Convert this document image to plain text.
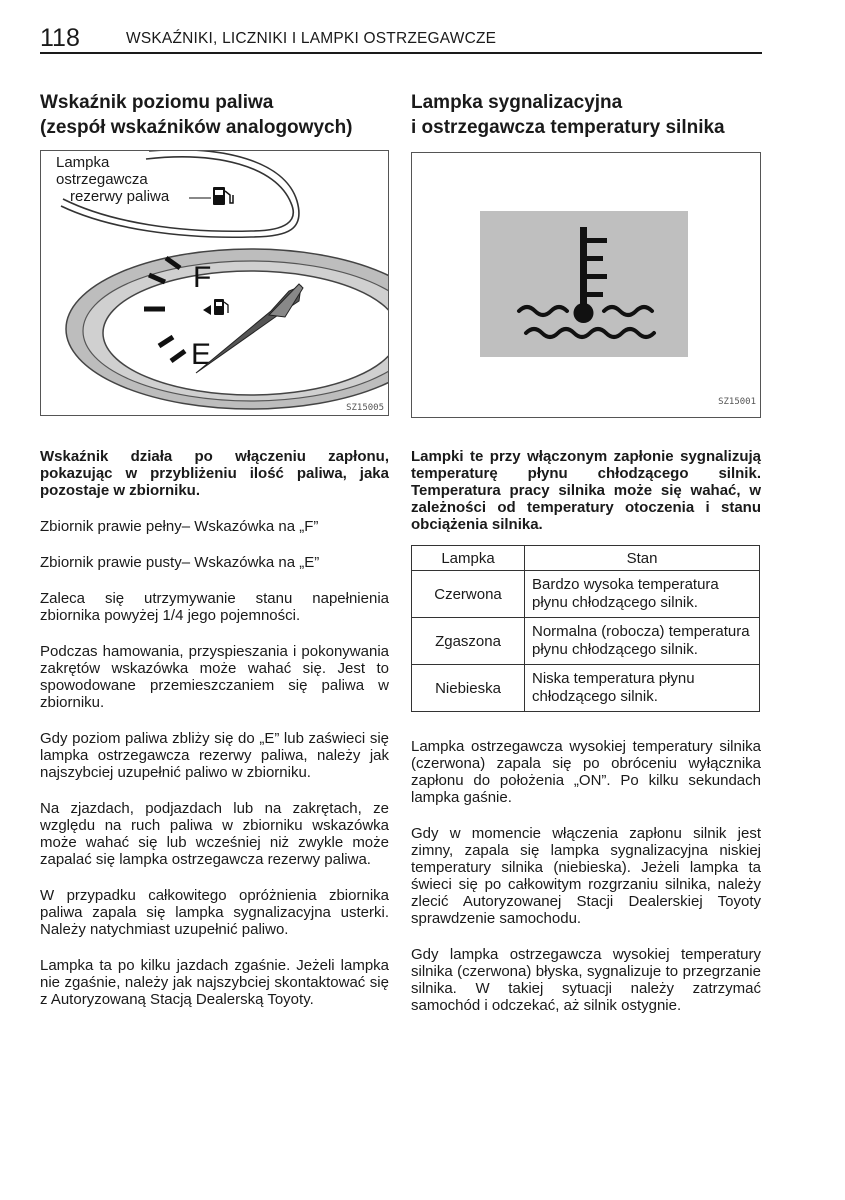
118	WSKAŹNIKI, LICZNIKI I LAMPKI OSTRZEGAWCZE
Wskaźnik poziomu paliwa
(zespół wskaźników analogowych)
F
E
Lampka
ostrzegawcza
rezerwy paliwa
SZ15005

Wskaźnik działa po włączeniu zapłonu, pokazując w przybliżeniu ilość paliwa, jaka pozostaje w zbiorniku.

Zbiornik prawie pełny– Wskazówka na „F”

Zbiornik prawie pusty– Wskazówka na „E”

Zaleca się utrzymywanie stanu napełnienia zbiornika powyżej 1/4 jego pojemności.

Podczas hamowania, przyspieszania i pokonywania zakrętów wskazówka może wahać się. Jest to spowodowane przemieszczaniem się paliwa w zbiorniku.

Gdy poziom paliwa zbliży się do „E” lub zaświeci się lampka ostrzegawcza rezerwy paliwa, należy jak najszybciej uzupełnić paliwo w zbiorniku.

Na zjazdach, podjazdach lub na zakrętach, ze względu na ruch paliwa w zbiorniku wskazówka może wahać się lub wcześniej niż zwykle może zapalać się lampka ostrzegawcza rezerwy paliwa.

W przypadku całkowitego opróżnienia zbiornika paliwa zapala się lampka sygnalizacyjna usterki. Należy natychmiast uzupełnić paliwo.

Lampka ta po kilku jazdach zgaśnie. Jeżeli lampka nie zgaśnie, należy jak najszybciej skontaktować się z Autoryzowaną Stacją Dealerską Toyoty.

Lampka sygnalizacyjna
i ostrzegawcza temperatury silnika
SZ15001

Lampki te przy włączonym zapłonie sygnalizują temperaturę płynu chłodzącego silnik. Temperatura pracy silnika może się wahać, w zależności od temperatury otoczenia i stanu obciążenia silnika.

Lampka	Stan
Czerwona	Bardzo wysoka temperatura płynu chłodzącego silnik.
Zgaszona	Normalna (robocza) temperatura płynu chłodzącego silnik.
Niebieska	Niska temperatura płynu chłodzącego silnik.

Lampka ostrzegawcza wysokiej temperatury silnika (czerwona) zapala się po obróceniu wyłącznika zapłonu do położenia „ON”. Po kilku sekundach lampka gaśnie.

Gdy w momencie włączenia zapłonu silnik jest zimny, zapala się lampka sygnalizacyjna niskiej temperatury silnika (niebieska). Jeżeli lampka ta świeci się po całkowitym rozgrzaniu silnika, należy zlecić Autoryzowanej Stacji Dealerskiej Toyoty sprawdzenie samochodu.

Gdy lampka ostrzegawcza wysokiej temperatury silnika (czerwona) błyska, sygnalizuje to przegrzanie silnika. W takiej sytuacji należy zatrzymać samochód i odczekać, aż silnik ostygnie.
